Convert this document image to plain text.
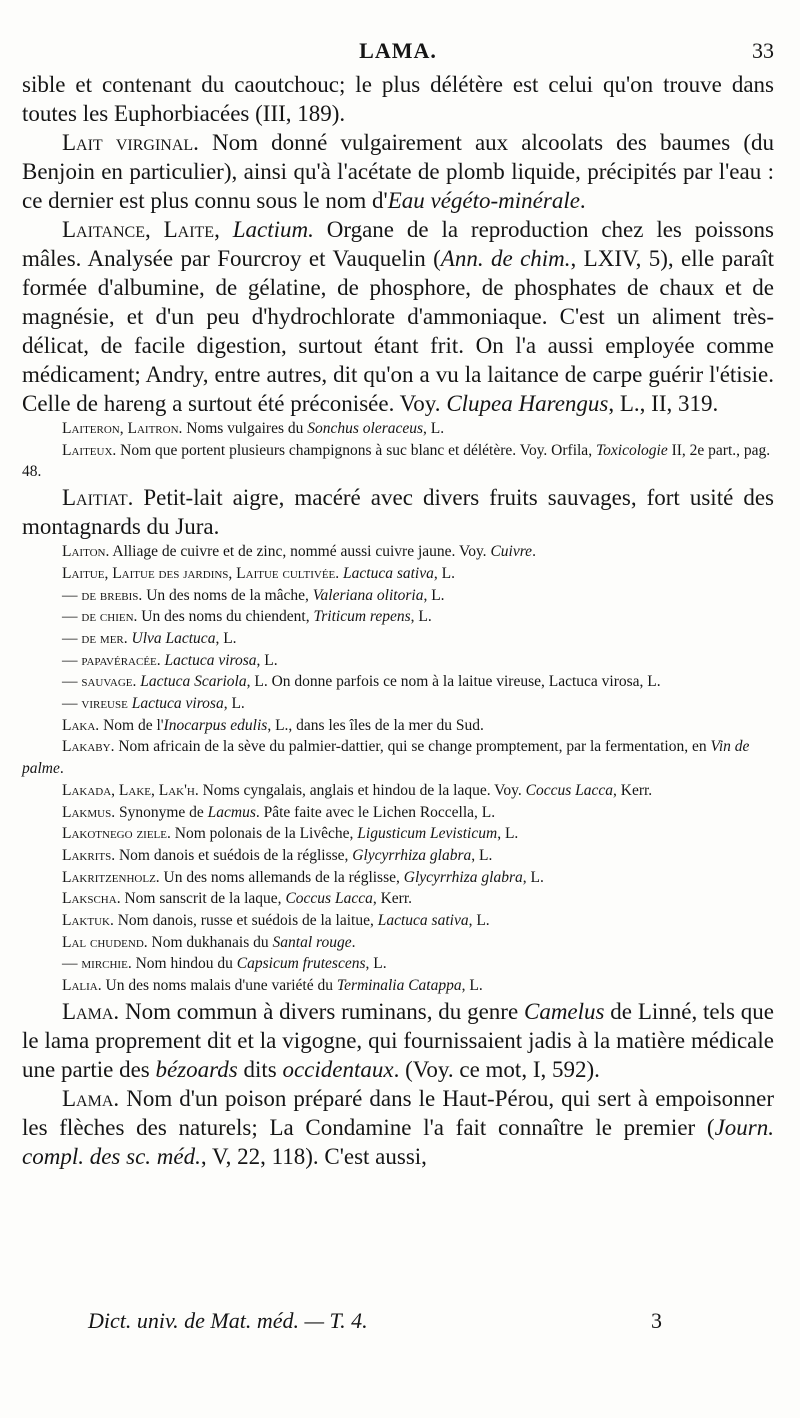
LAMA.	33

sible et contenant du caoutchouc; le plus délétère est celui qu'on trouve dans toutes les Euphorbiacées (III, 189).

Lait virginal. Nom donné vulgairement aux alcoolats des baumes (du Benjoin en particulier), ainsi qu'à l'acétate de plomb liquide, précipités par l'eau : ce dernier est plus connu sous le nom d'Eau végéto-minérale.

Laitance, Laite, Lactium. Organe de la reproduction chez les poissons mâles. Analysée par Fourcroy et Vauquelin (Ann. de chim., LXIV, 5), elle paraît formée d'albumine, de gélatine, de phosphore, de phosphates de chaux et de magnésie, et d'un peu d'hydrochlorate d'ammoniaque. C'est un aliment très-délicat, de facile digestion, surtout étant frit. On l'a aussi employée comme médicament; Andry, entre autres, dit qu'on a vu la laitance de carpe guérir l'étisie. Celle de hareng a surtout été préconisée. Voy. Clupea Harengus, L., II, 319.

Laiteron, Laitron. Noms vulgaires du Sonchus oleraceus, L.

Laiteux. Nom que portent plusieurs champignons à suc blanc et délétère. Voy. Orfila, Toxicologie II, 2e part., pag. 48.

Laitiat. Petit-lait aigre, macéré avec divers fruits sauvages, fort usité des montagnards du Jura.

Laiton. Alliage de cuivre et de zinc, nommé aussi cuivre jaune. Voy. Cuivre.

Laitue, Laitue des jardins, Laitue cultivée. Lactuca sativa, L.

— de brebis. Un des noms de la mâche, Valeriana olitoria, L.

— de chien. Un des noms du chiendent, Triticum repens, L.

— de mer. Ulva Lactuca, L.

— papavéracée. Lactuca virosa, L.

— sauvage. Lactuca Scariola, L. On donne parfois ce nom à la laitue vireuse, Lactuca virosa, L.

— vireuse Lactuca virosa, L.

Laka. Nom de l'Inocarpus edulis, L., dans les îles de la mer du Sud.

Lakaby. Nom africain de la sève du palmier-dattier, qui se change promptement, par la fermentation, en Vin de palme.

Lakada, Lake, Lak'h. Noms cyngalais, anglais et hindou de la laque. Voy. Coccus Lacca, Kerr.

Lakmus. Synonyme de Lacmus. Pâte faite avec le Lichen Roccella, L.

Lakotnego ziele. Nom polonais de la Livêche, Ligusticum Levisticum, L.

Lakrits. Nom danois et suédois de la réglisse, Glycyrrhiza glabra, L.

Lakritzenholz. Un des noms allemands de la réglisse, Glycyrrhiza glabra, L.

Lakscha. Nom sanscrit de la laque, Coccus Lacca, Kerr.

Laktuk. Nom danois, russe et suédois de la laitue, Lactuca sativa, L.

Lal chudend. Nom dukhanais du Santal rouge.

— mirchie. Nom hindou du Capsicum frutescens, L.

Lalia. Un des noms malais d'une variété du Terminalia Catappa, L.

Lama. Nom commun à divers ruminans, du genre Camelus de Linné, tels que le lama proprement dit et la vigogne, qui fournissaient jadis à la matière médicale une partie des bézoards dits occidentaux. (Voy. ce mot, I, 592).

Lama. Nom d'un poison préparé dans le Haut-Pérou, qui sert à empoisonner les flèches des naturels; La Condamine l'a fait connaître le premier (Journ. compl. des sc. méd., V, 22, 118). C'est aussi,

Dict. univ. de Mat. méd. — T. 4.	3
